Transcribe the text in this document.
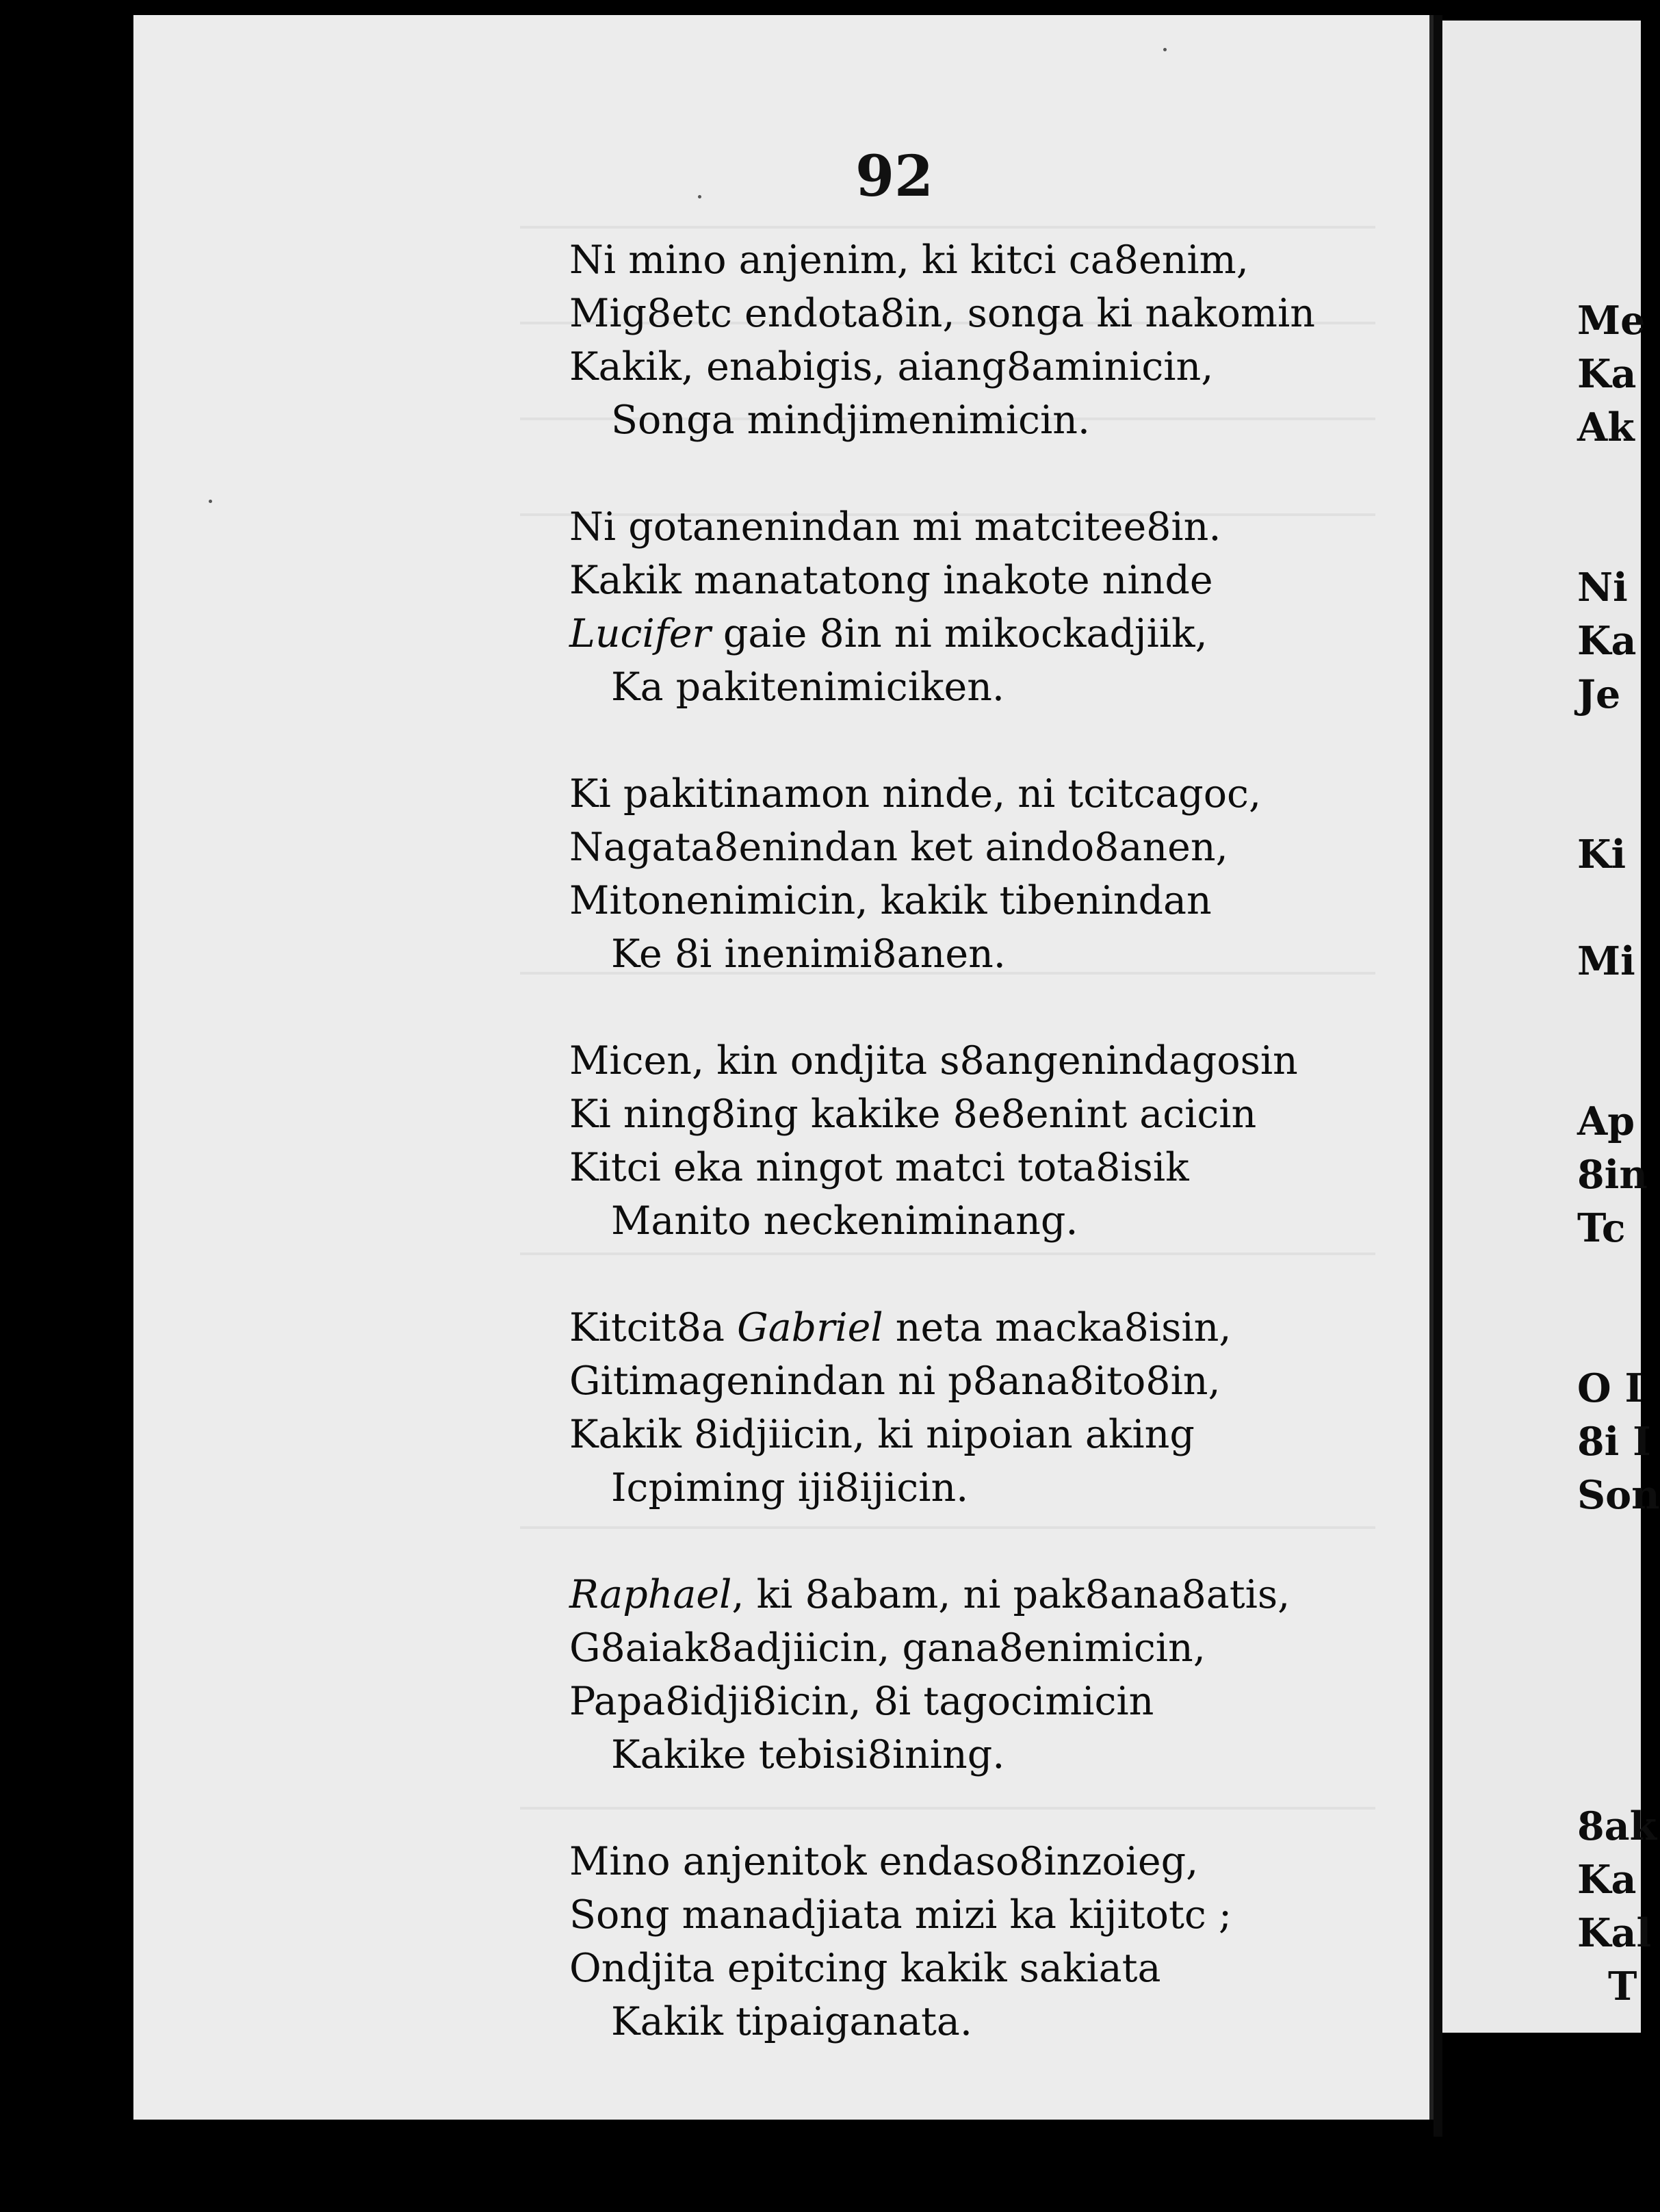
92
Ni mino anjenim, ki kitci ca8enim,
Mig8etc endota8in, songa ki nakomin
Kakik, enabigis, aiang8aminicin,
Songa mindjimenimicin.
Ni gotanenindan mi matcitee8in.
Kakik manatatong inakote ninde
Lucifer gaie 8in ni mikockadjiik,
Ka pakitenimiciken.
Ki pakitinamon ninde, ni tcitcagoc,
Nagata8enindan ket aindo8anen,
Mitonenimicin, kakik tibenindan
Ke 8i inenimi8anen.
Micen, kin ondjita s8angenindagosin
Ki ning8ing kakike 8e8enint acicin
Kitci eka ningot matci tota8isik
Manito neckeniminang.
Kitcit8a Gabriel neta macka8isin,
Gitimagenindan ni p8ana8ito8in,
Kakik 8idjiicin, ki nipoian aking
Icpiming iji8ijicin.
Raphael, ki 8abam, ni pak8ana8atis,
G8aiak8adjiicin, gana8enimicin,
Papa8idji8icin, 8i tagocimicin
Kakike tebisi8ining.
Mino anjenitok endaso8inzoieg,
Song manadjiata mizi ka kijitotc ;
Ondjita epitcing kakik sakiata
Kakik tipaiganata.
Me
Ka
Ak
Ni
Ka
Je
Ki
Mi
Ap
8in
Tc
O I
8i I
Son
8ak
Ka
Kal
T
